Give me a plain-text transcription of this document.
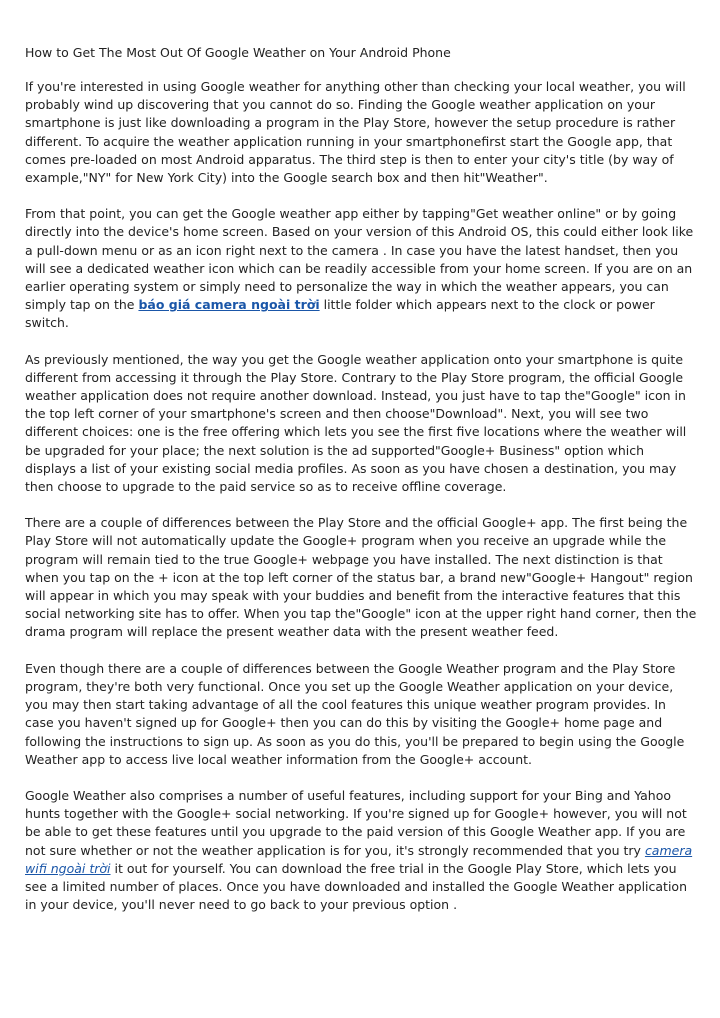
How to Get The Most Out Of Google Weather on Your Android Phone

If you're interested in using Google weather for anything other than checking your local weather, you will probably wind up discovering that you cannot do so. Finding the Google weather application on your smartphone is just like downloading a program in the Play Store, however the setup procedure is rather different. To acquire the weather application running in your smartphonefirst start the Google app, that comes pre-loaded on most Android apparatus. The third step is then to enter your city's title (by way of example,"NY" for New York City) into the Google search box and then hit"Weather".

From that point, you can get the Google weather app either by tapping"Get weather online" or by going directly into the device's home screen. Based on your version of this Android OS, this could either look like a pull-down menu or as an icon right next to the camera . In case you have the latest handset, then you will see a dedicated weather icon which can be readily accessible from your home screen. If you are on an earlier operating system or simply need to personalize the way in which the weather appears, you can simply tap on the báo giá camera ngoài trời little folder which appears next to the clock or power switch.

As previously mentioned, the way you get the Google weather application onto your smartphone is quite different from accessing it through the Play Store. Contrary to the Play Store program, the official Google weather application does not require another download. Instead, you just have to tap the"Google" icon in the top left corner of your smartphone's screen and then choose"Download". Next, you will see two different choices: one is the free offering which lets you see the first five locations where the weather will be upgraded for your place; the next solution is the ad supported"Google+ Business" option which displays a list of your existing social media profiles. As soon as you have chosen a destination, you may then choose to upgrade to the paid service so as to receive offline coverage.

There are a couple of differences between the Play Store and the official Google+ app. The first being the Play Store will not automatically update the Google+ program when you receive an upgrade while the program will remain tied to the true Google+ webpage you have installed. The next distinction is that when you tap on the + icon at the top left corner of the status bar, a brand new"Google+ Hangout" region will appear in which you may speak with your buddies and benefit from the interactive features that this social networking site has to offer. When you tap the"Google" icon at the upper right hand corner, then the drama program will replace the present weather data with the present weather feed.

Even though there are a couple of differences between the Google Weather program and the Play Store program, they're both very functional. Once you set up the Google Weather application on your device, you may then start taking advantage of all the cool features this unique weather program provides. In case you haven't signed up for Google+ then you can do this by visiting the Google+ home page and following the instructions to sign up. As soon as you do this, you'll be prepared to begin using the Google Weather app to access live local weather information from the Google+ account.

Google Weather also comprises a number of useful features, including support for your Bing and Yahoo hunts together with the Google+ social networking. If you're signed up for Google+ however, you will not be able to get these features until you upgrade to the paid version of this Google Weather app. If you are not sure whether or not the weather application is for you, it's strongly recommended that you try camera wifi ngoài trời it out for yourself. You can download the free trial in the Google Play Store, which lets you see a limited number of places. Once you have downloaded and installed the Google Weather application in your device, you'll never need to go back to your previous option .
